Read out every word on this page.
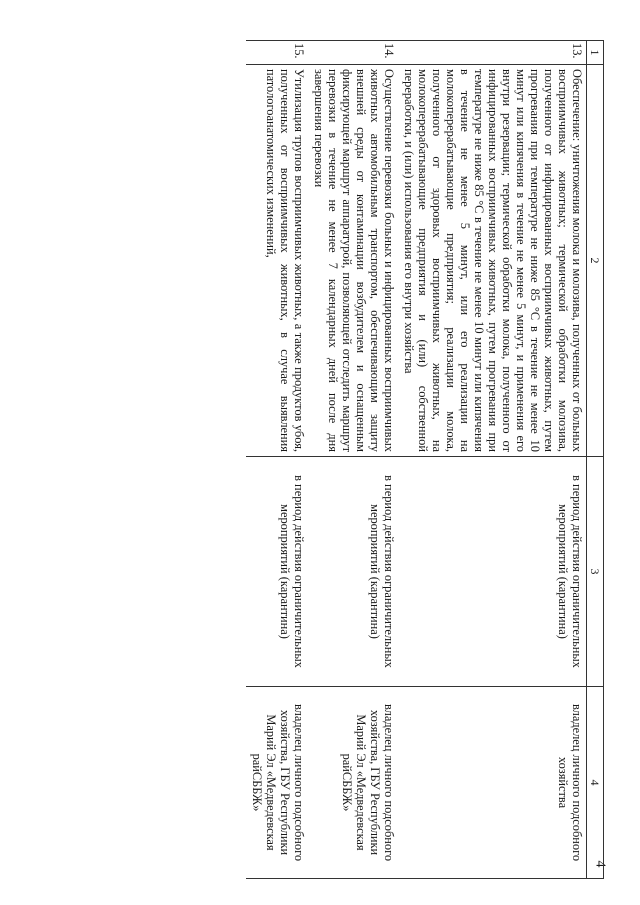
4
1	2	3	4
13.	Обеспечение: уничтожения молока и молозива, полученных от больных восприимчивых животных; термической обработки молозива, полученного от инфицированных восприимчивых животных, путем прогревания при температуре не ниже 85 °С в течение не менее 10 минут или кипячения в течение не менее 5 минут, и применения его внутри резервации; термической обработки молока, полученного от инфицированных восприимчивых животных, путем прогревания при температуре не ниже 85 °С в течение не менее 10 минут или кипячения в течение не менее 5 минут, или его реализации на молокоперерабатывающие предприятия; реализации молока, полученного от здоровых восприимчивых животных, на молокоперерабатывающие предприятия и (или) собственной переработки, и (или) использования его внутри хозяйства	в период действия ограничительных мероприятий (карантина)	владелец личного подсобного хозяйства
14.	Осуществление перевозки больных и инфицированных восприимчивых животных автомобильным транспортом, обеспечивающим защиту внешней среды от контаминации возбудителем и оснащенным фиксирующей маршрут аппаратурой, позволяющей отследить маршрут перевозки в течение не менее 7 календарных дней после дня завершения перевозки	в период действия ограничительных мероприятий (карантина)	владелец личного подсобного хозяйства, ГБУ Республики Марий Эл «Медведевская райСББЖ»
15.	Утилизация трупов восприимчивых животных, а также продуктов убоя, полученных от восприимчивых животных, в случае выявления патологоанатомических изменений,	в период действия ограничительных мероприятий (карантина)	владелец личного подсобного хозяйства, ГБУ Республики Марий Эл «Медведевская райСББЖ»
